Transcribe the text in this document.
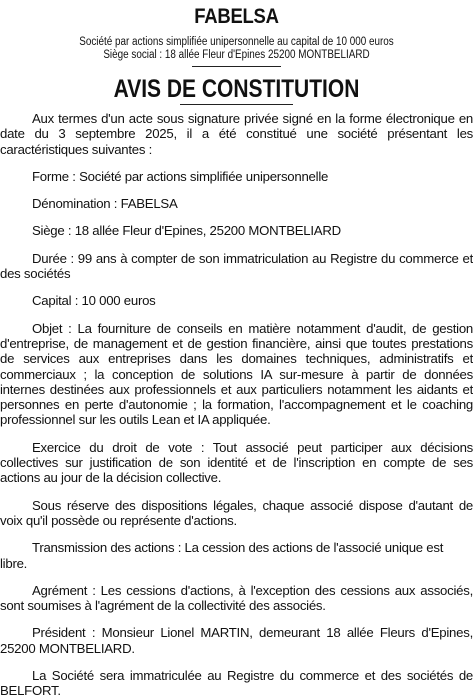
FABELSA
Société par actions simplifiée unipersonnelle au capital de 10 000 euros
Siège social : 18 allée Fleur d'Epines 25200 MONTBELIARD
AVIS DE CONSTITUTION

Aux termes d'un acte sous signature privée signé en la forme électronique en date du 3 septembre 2025, il a été constitué une société présentant les caractéristiques suivantes :

Forme : Société par actions simplifiée unipersonnelle

Dénomination : FABELSA

Siège : 18 allée Fleur d'Epines, 25200 MONTBELIARD

Durée : 99 ans à compter de son immatriculation au Registre du commerce et des sociétés

Capital : 10 000 euros

Objet : La fourniture de conseils en matière notamment d'audit, de gestion d'entreprise, de management et de gestion financière, ainsi que toutes prestations de services aux entreprises dans les domaines techniques, administratifs et commerciaux ; la conception de solutions IA sur-mesure à partir de données internes destinées aux professionnels et aux particuliers notamment les aidants et personnes en perte d'autonomie ; la formation, l'accompagnement et le coaching professionnel sur les outils Lean et IA appliquée.

Exercice du droit de vote : Tout associé peut participer aux décisions collectives sur justification de son identité et de l'inscription en compte de ses actions au jour de la décision collective.

Sous réserve des dispositions légales, chaque associé dispose d'autant de voix qu'il possède ou représente d'actions.

Transmission des actions : La cession des actions de l'associé unique est libre.

Agrément : Les cessions d'actions, à l'exception des cessions aux associés, sont soumises à l'agrément de la collectivité des associés.

Président : Monsieur Lionel MARTIN, demeurant 18 allée Fleurs d'Epines, 25200 MONTBELIARD.

La Société sera immatriculée au Registre du commerce et des sociétés de BELFORT.
